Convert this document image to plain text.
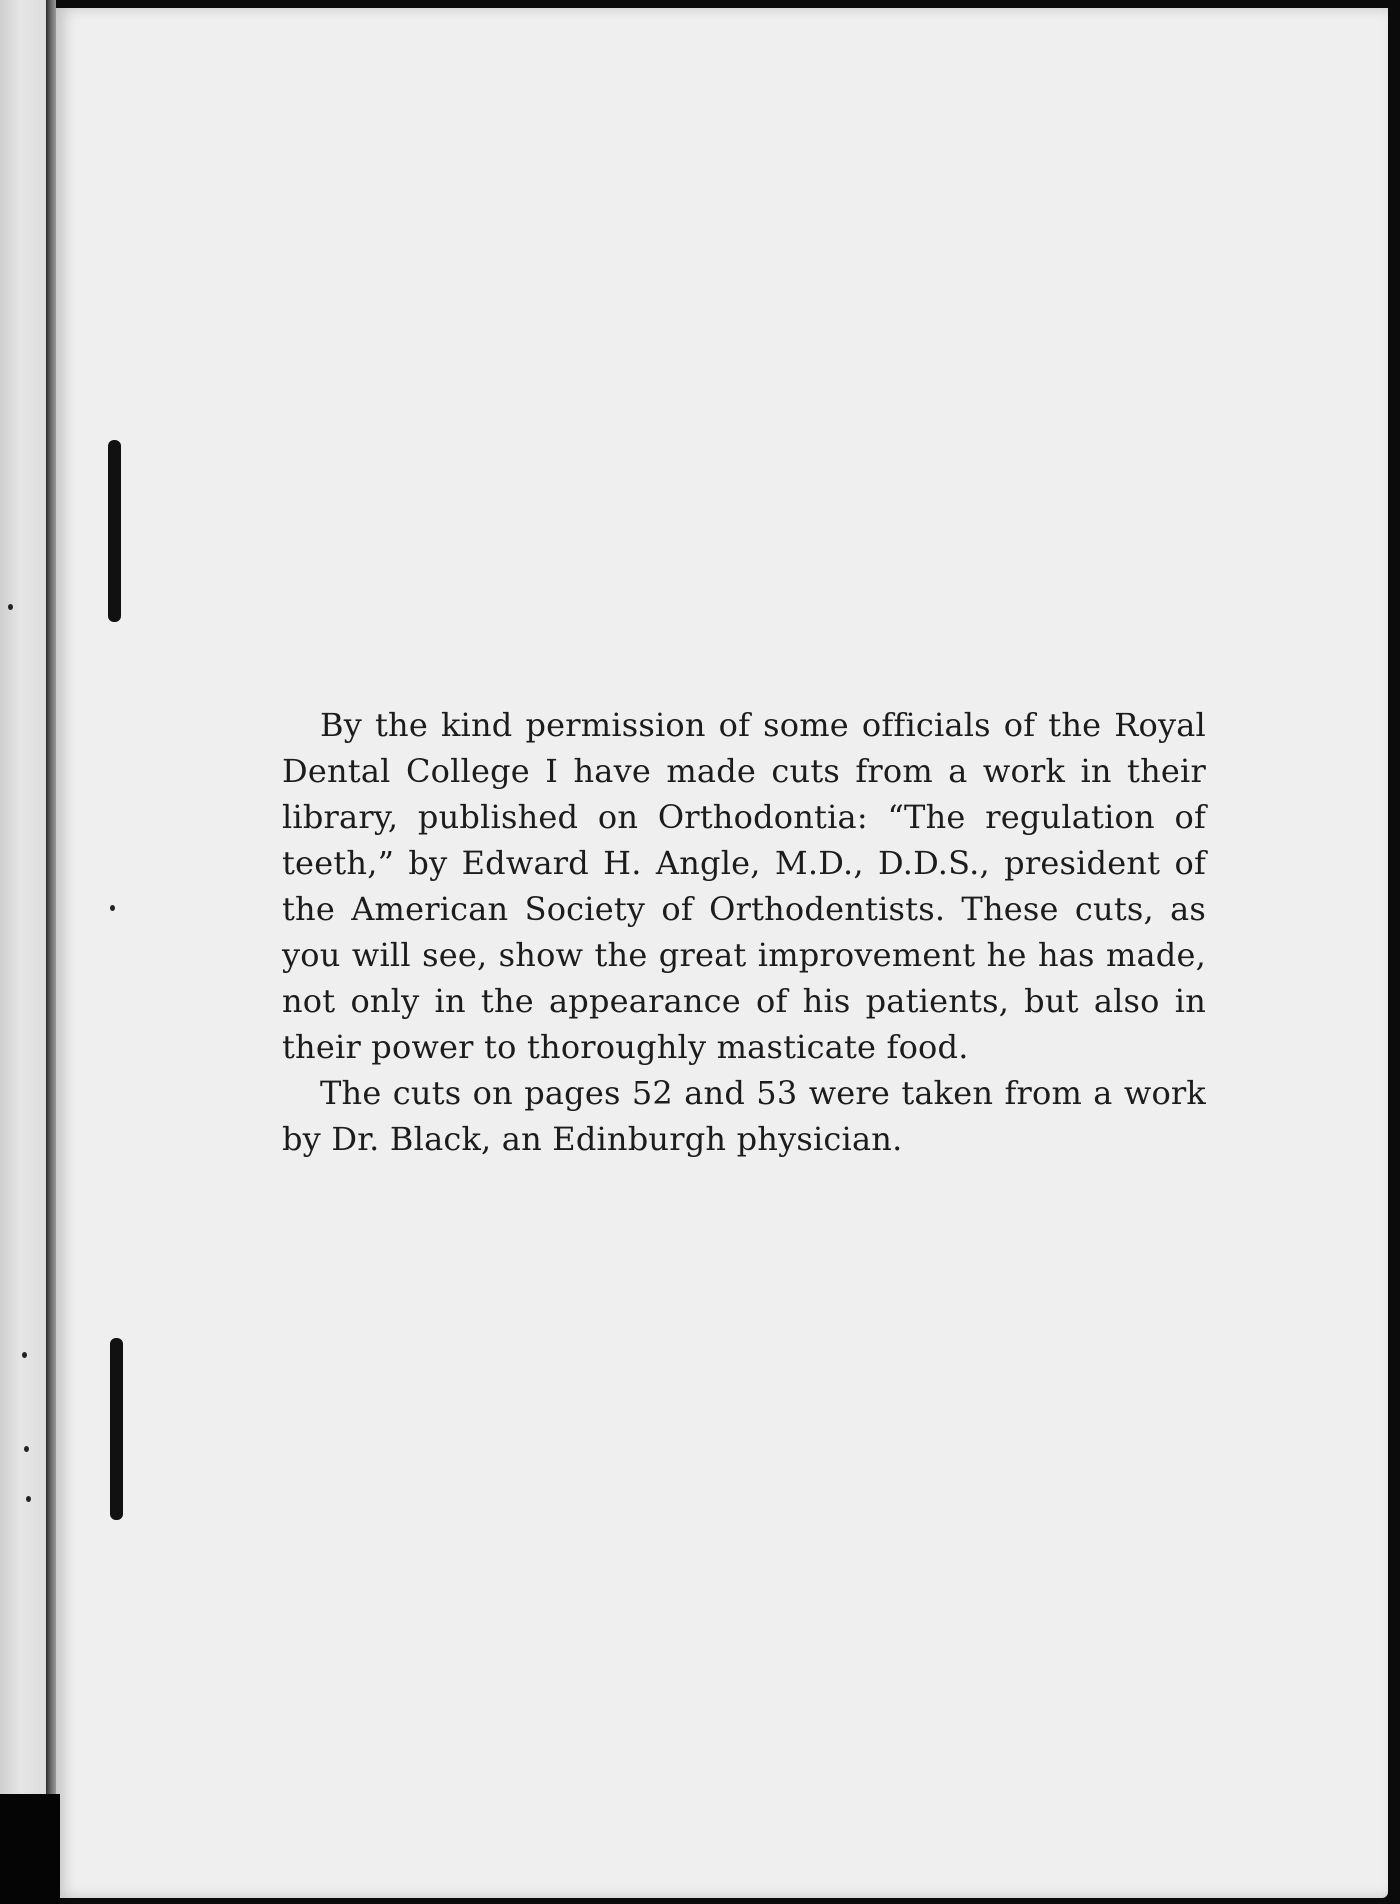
By the kind permission of some officials of the Royal Dental College I have made cuts from a work in their library, published on Orthodontia: “The regulation of teeth,” by Edward H. Angle, M.D., D.D.S., president of the American Society of Orthodentists. These cuts, as you will see, show the great improvement he has made, not only in the appearance of his patients, but also in their power to thoroughly masticate food.

The cuts on pages 52 and 53 were taken from a work by Dr. Black, an Edinburgh physician.
